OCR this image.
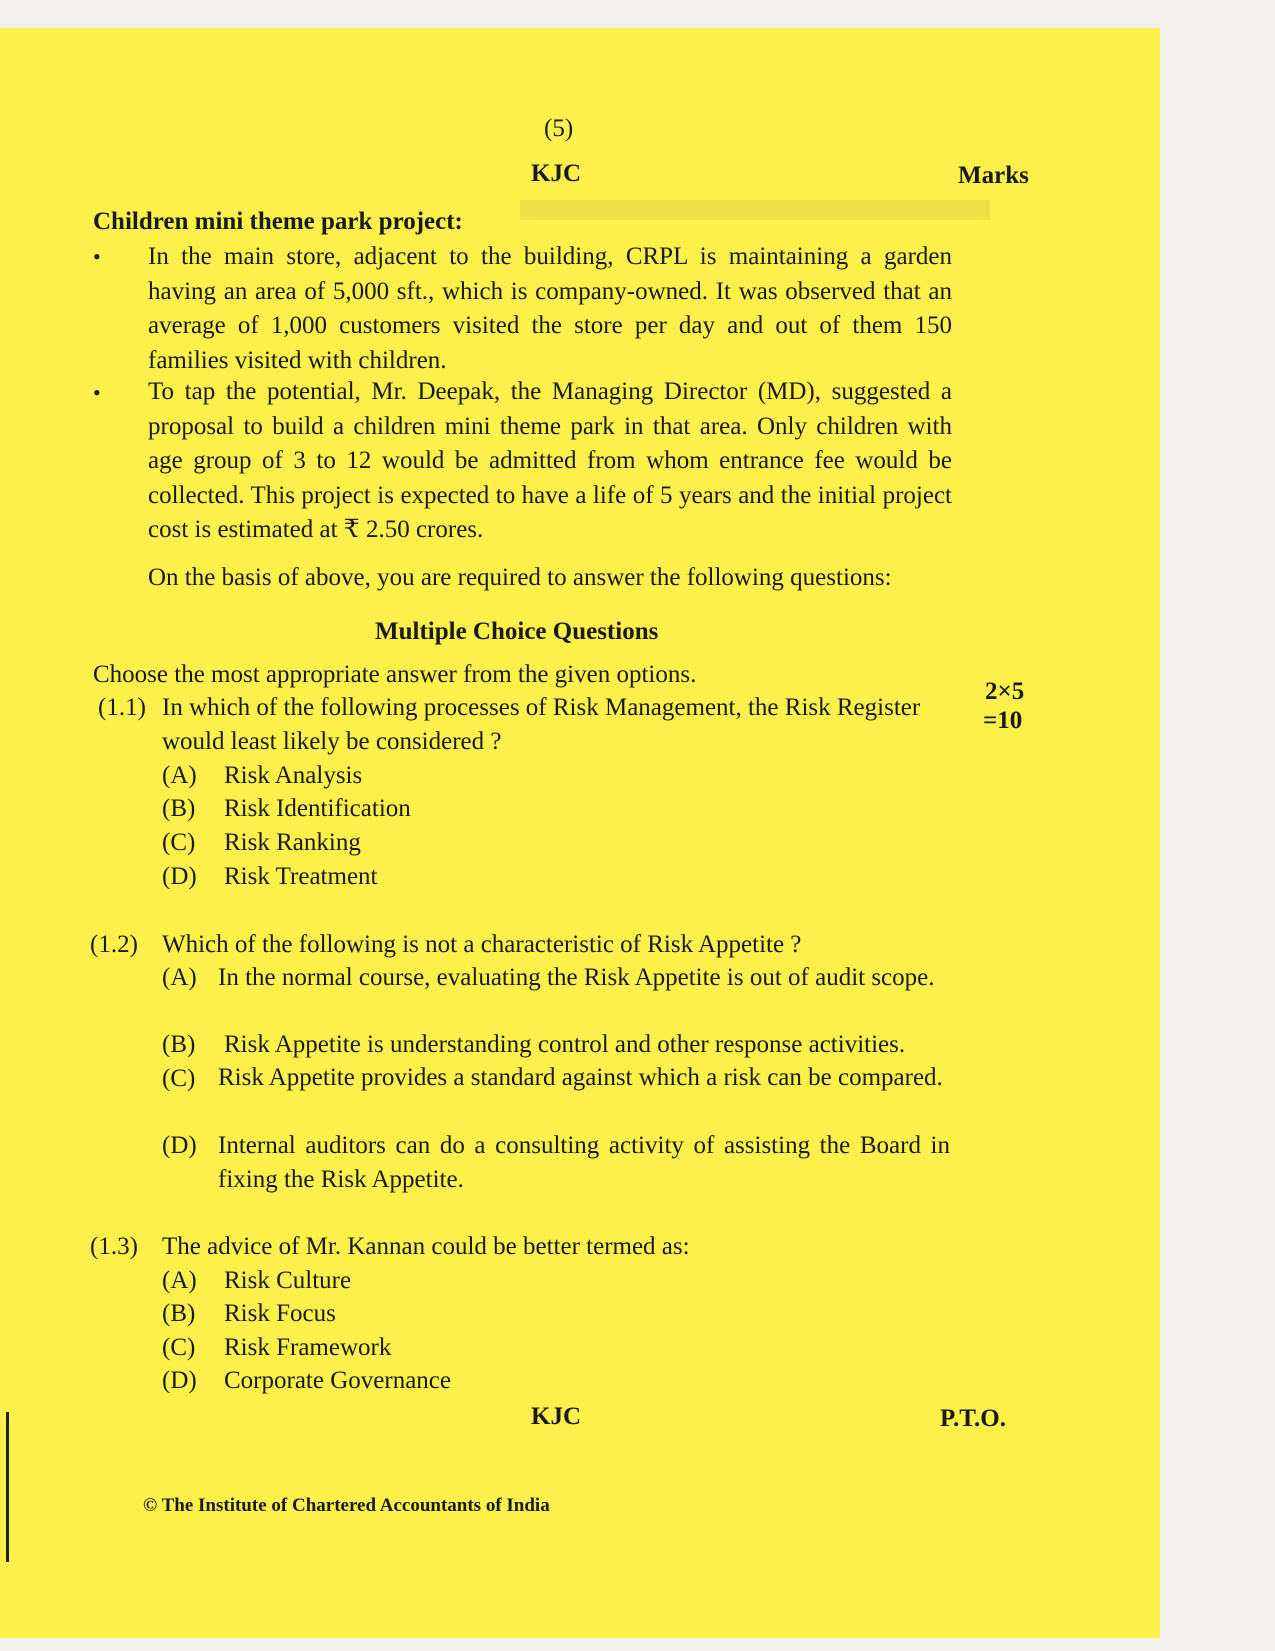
(5)
KJC	Marks
Children mini theme park project:
• In the main store, adjacent to the building, CRPL is maintaining a garden having an area of 5,000 sft., which is company-owned. It was observed that an average of 1,000 customers visited the store per day and out of them 150 families visited with children.
• To tap the potential, Mr. Deepak, the Managing Director (MD), suggested a proposal to build a children mini theme park in that area. Only children with age group of 3 to 12 would be admitted from whom entrance fee would be collected. This project is expected to have a life of 5 years and the initial project cost is estimated at ₹ 2.50 crores.
On the basis of above, you are required to answer the following questions:
Multiple Choice Questions
Choose the most appropriate answer from the given options.
2×5
=10
(1.1) In which of the following processes of Risk Management, the Risk Register
would least likely be considered ?
(A) Risk Analysis
(B) Risk Identification
(C) Risk Ranking
(D) Risk Treatment
(1.2) Which of the following is not a characteristic of Risk Appetite ?
(A) In the normal course, evaluating the Risk Appetite is out of audit scope.
(B) Risk Appetite is understanding control and other response activities.
(C) Risk Appetite provides a standard against which a risk can be compared.
(D) Internal auditors can do a consulting activity of assisting the Board in fixing the Risk Appetite.
(1.3) The advice of Mr. Kannan could be better termed as:
(A) Risk Culture
(B) Risk Focus
(C) Risk Framework
(D) Corporate Governance
KJC	P.T.O.
© The Institute of Chartered Accountants of India
